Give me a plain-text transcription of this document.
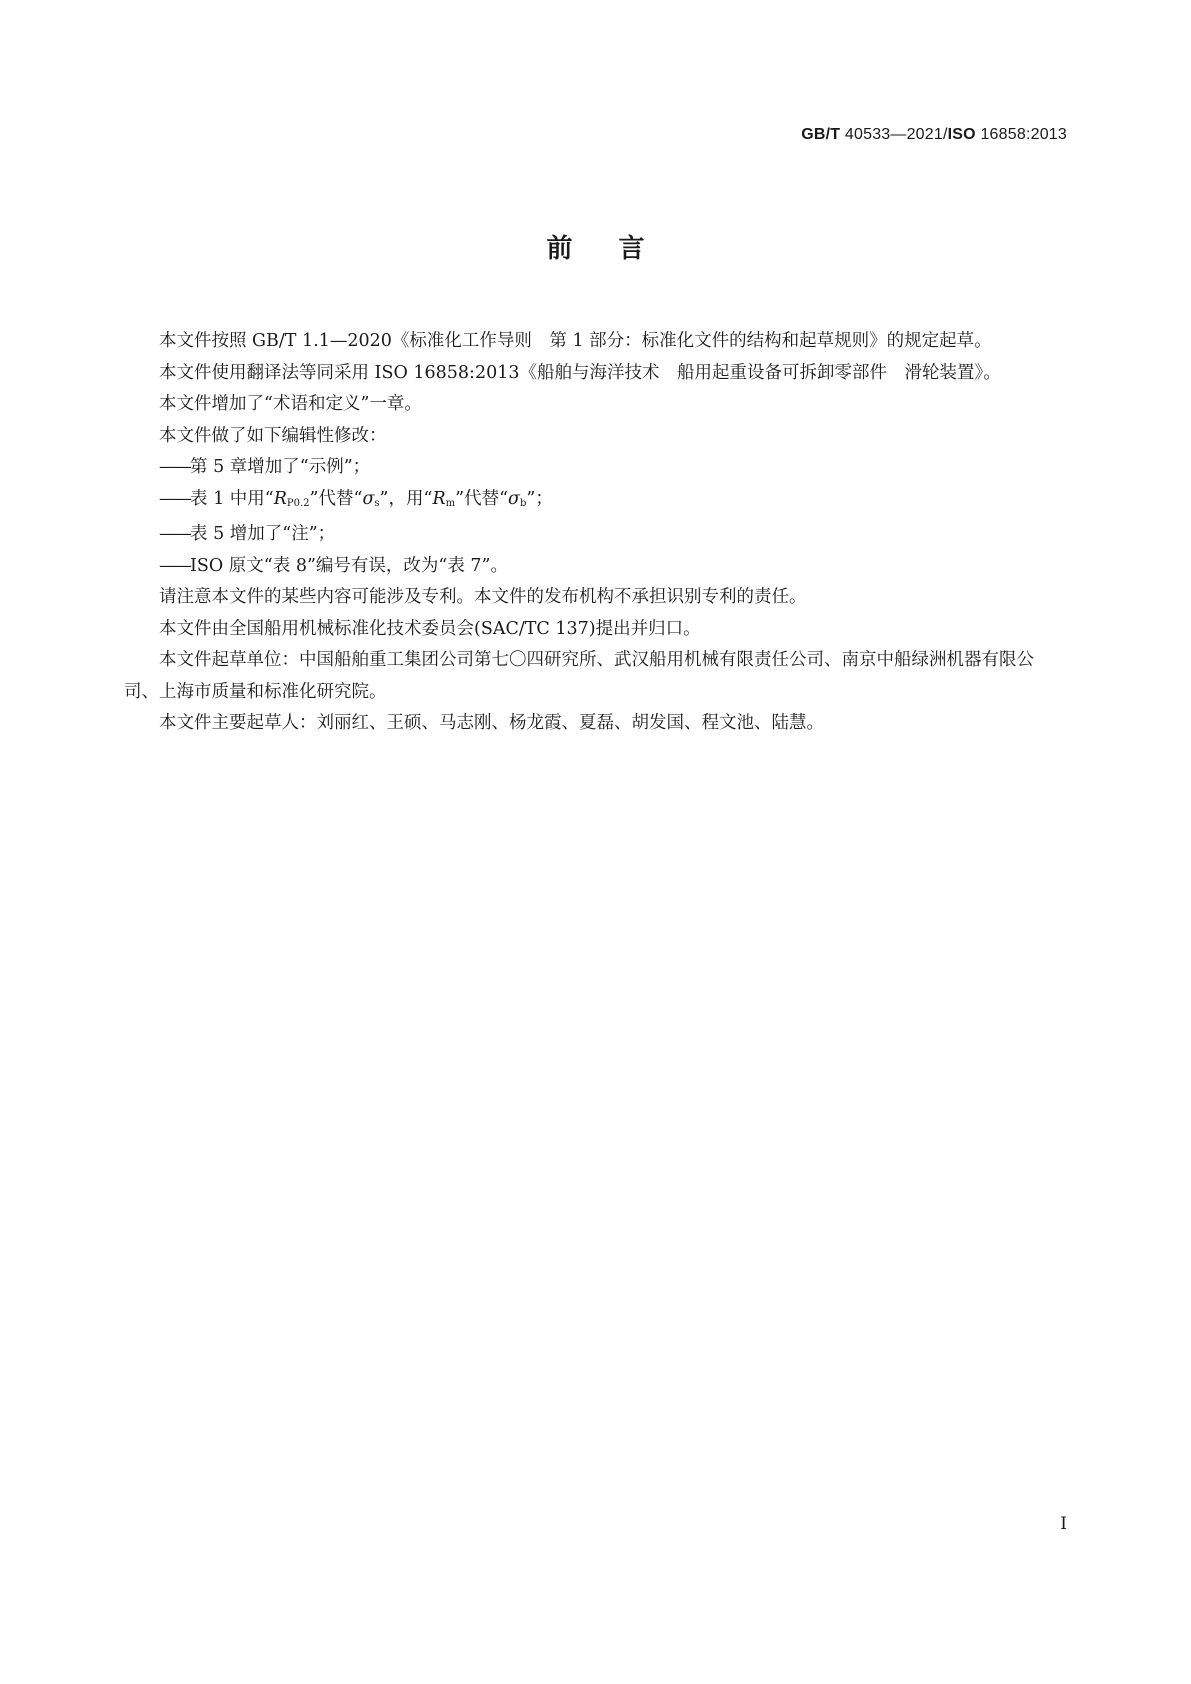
GB/T 40533—2021/ISO 16858:2013
前言

本文件按照 GB/T 1.1—2020《标准化工作导则　第 1 部分：标准化文件的结构和起草规则》的规定起草。

本文件使用翻译法等同采用 ISO 16858:2013《船舶与海洋技术　船用起重设备可拆卸零部件　滑轮装置》。

本文件增加了“术语和定义”一章。

本文件做了如下编辑性修改：

——第 5 章增加了“示例”；

——表 1 中用“$R_{P0.2}$”代替“$\sigma_s$”，用“$R_m$”代替“$\sigma_b$”；

——表 5 增加了“注”；

——ISO 原文“表 8”编号有误，改为“表 7”。

请注意本文件的某些内容可能涉及专利。本文件的发布机构不承担识别专利的责任。

本文件由全国船用机械标准化技术委员会(SAC/TC 137)提出并归口。

本文件起草单位：中国船舶重工集团公司第七〇四研究所、武汉船用机械有限责任公司、南京中船绿洲机器有限公司、上海市质量和标准化研究院。

本文件主要起草人：刘丽红、王硕、马志刚、杨龙霞、夏磊、胡发国、程文池、陆慧。

I
